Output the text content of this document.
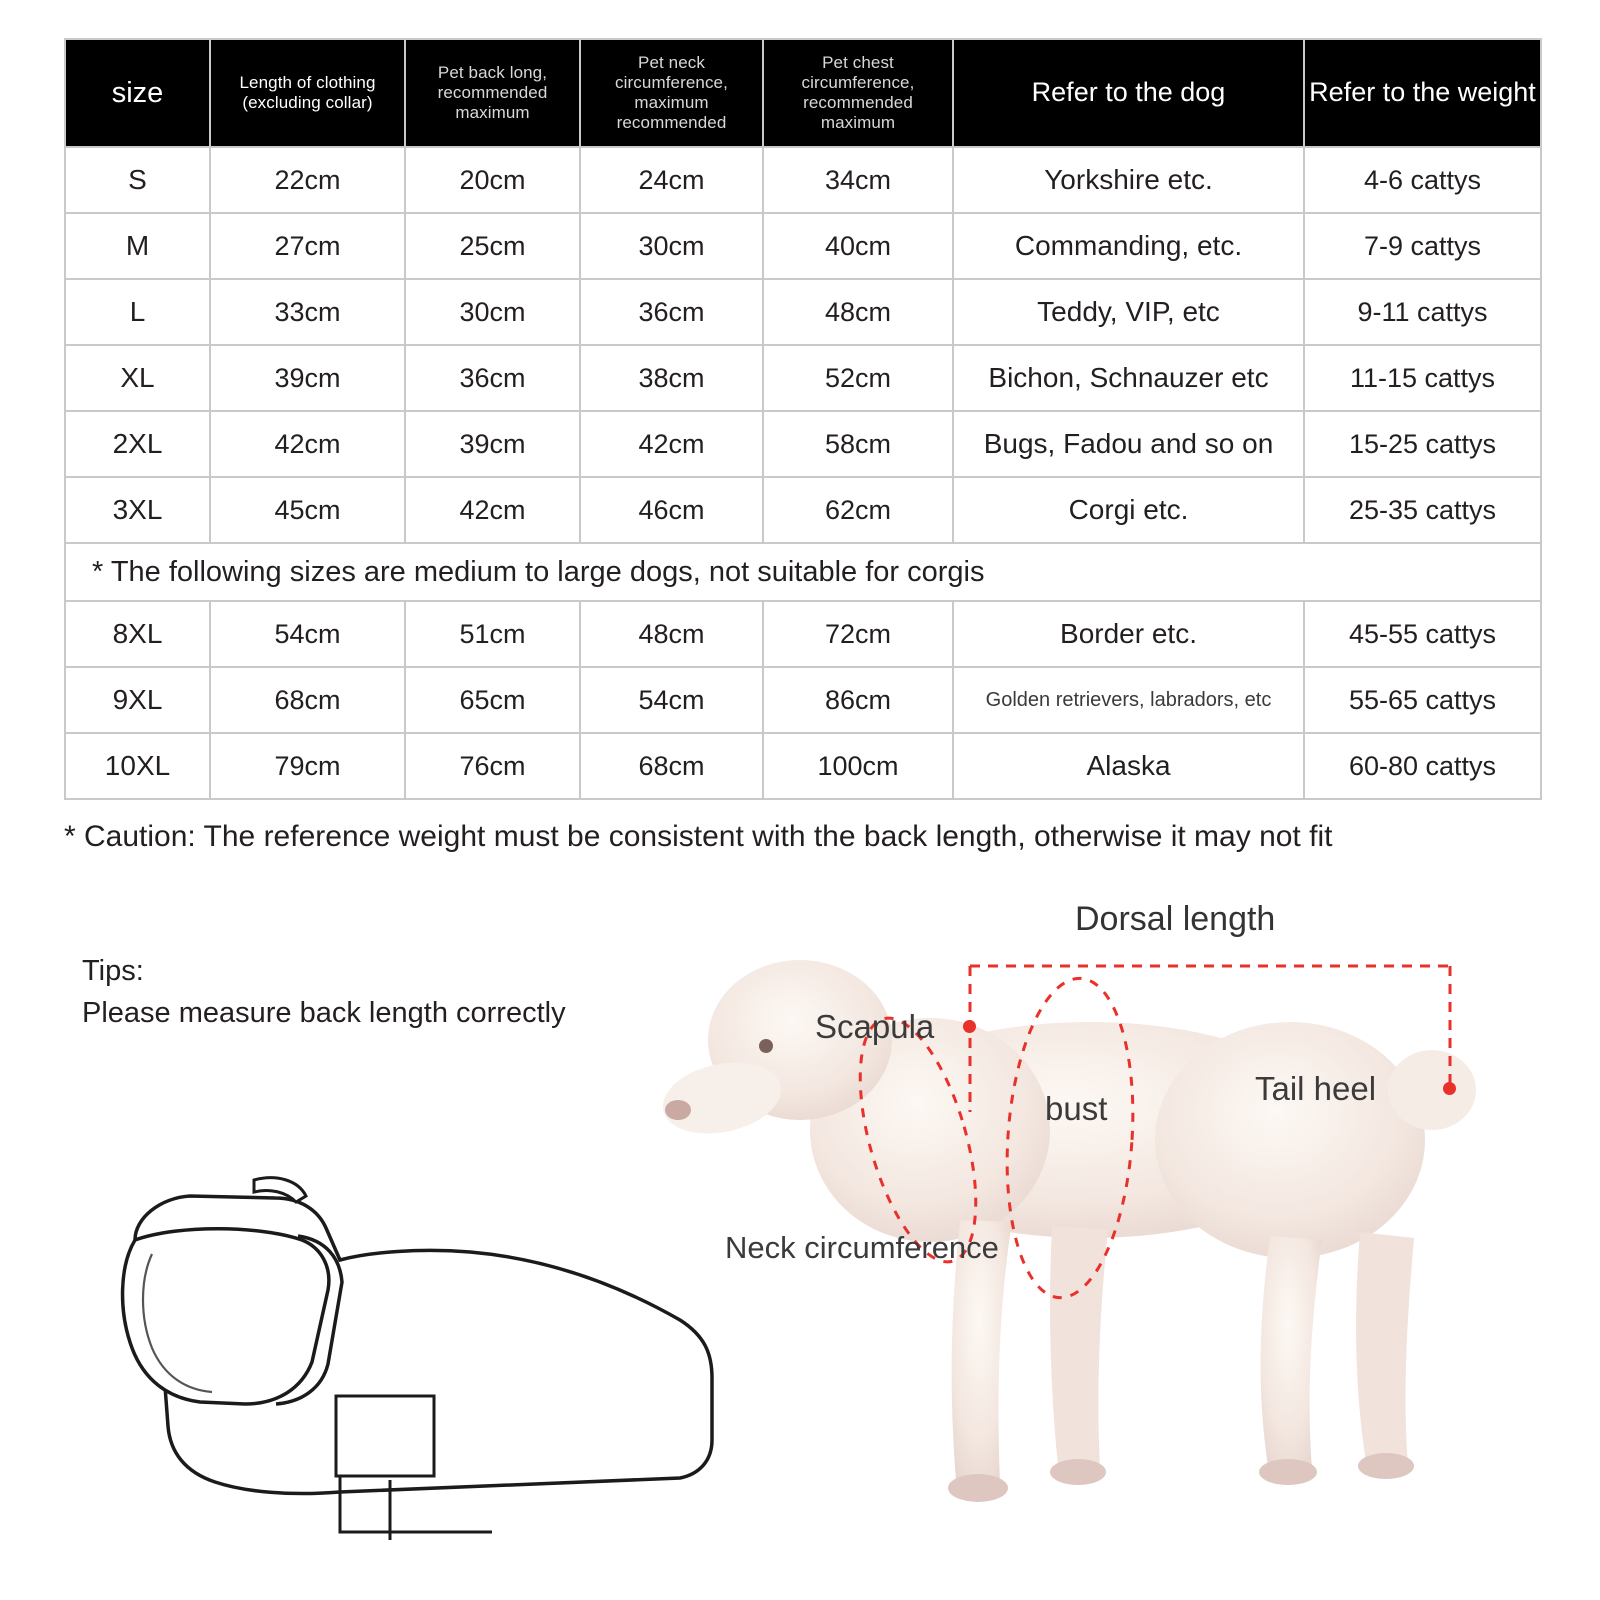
size	Length of clothing (excluding collar)	Pet back long, recommended maximum	Pet neck circumference, maximum recommended	Pet chest circumference, recommended maximum	Refer to the dog	Refer to the weight
S	22cm	20cm	24cm	34cm	Yorkshire etc.	4-6 cattys
M	27cm	25cm	30cm	40cm	Commanding, etc.	7-9 cattys
L	33cm	30cm	36cm	48cm	Teddy, VIP, etc	9-11 cattys
XL	39cm	36cm	38cm	52cm	Bichon, Schnauzer etc	11-15 cattys
2XL	42cm	39cm	42cm	58cm	Bugs, Fadou and so on	15-25 cattys
3XL	45cm	42cm	46cm	62cm	Corgi etc.	25-35 cattys
* The following sizes are medium to large dogs, not suitable for corgis						
8XL	54cm	51cm	48cm	72cm	Border etc.	45-55 cattys
9XL	68cm	65cm	54cm	86cm	Golden retrievers, labradors, etc	55-65 cattys
10XL	79cm	76cm	68cm	100cm	Alaska	60-80 cattys
* Caution: The reference weight must be consistent with the back length, otherwise it may not fit
Tips:
Please measure back length correctly
Dorsal length
Scapula
Tail heel
bust
Neck circumference
